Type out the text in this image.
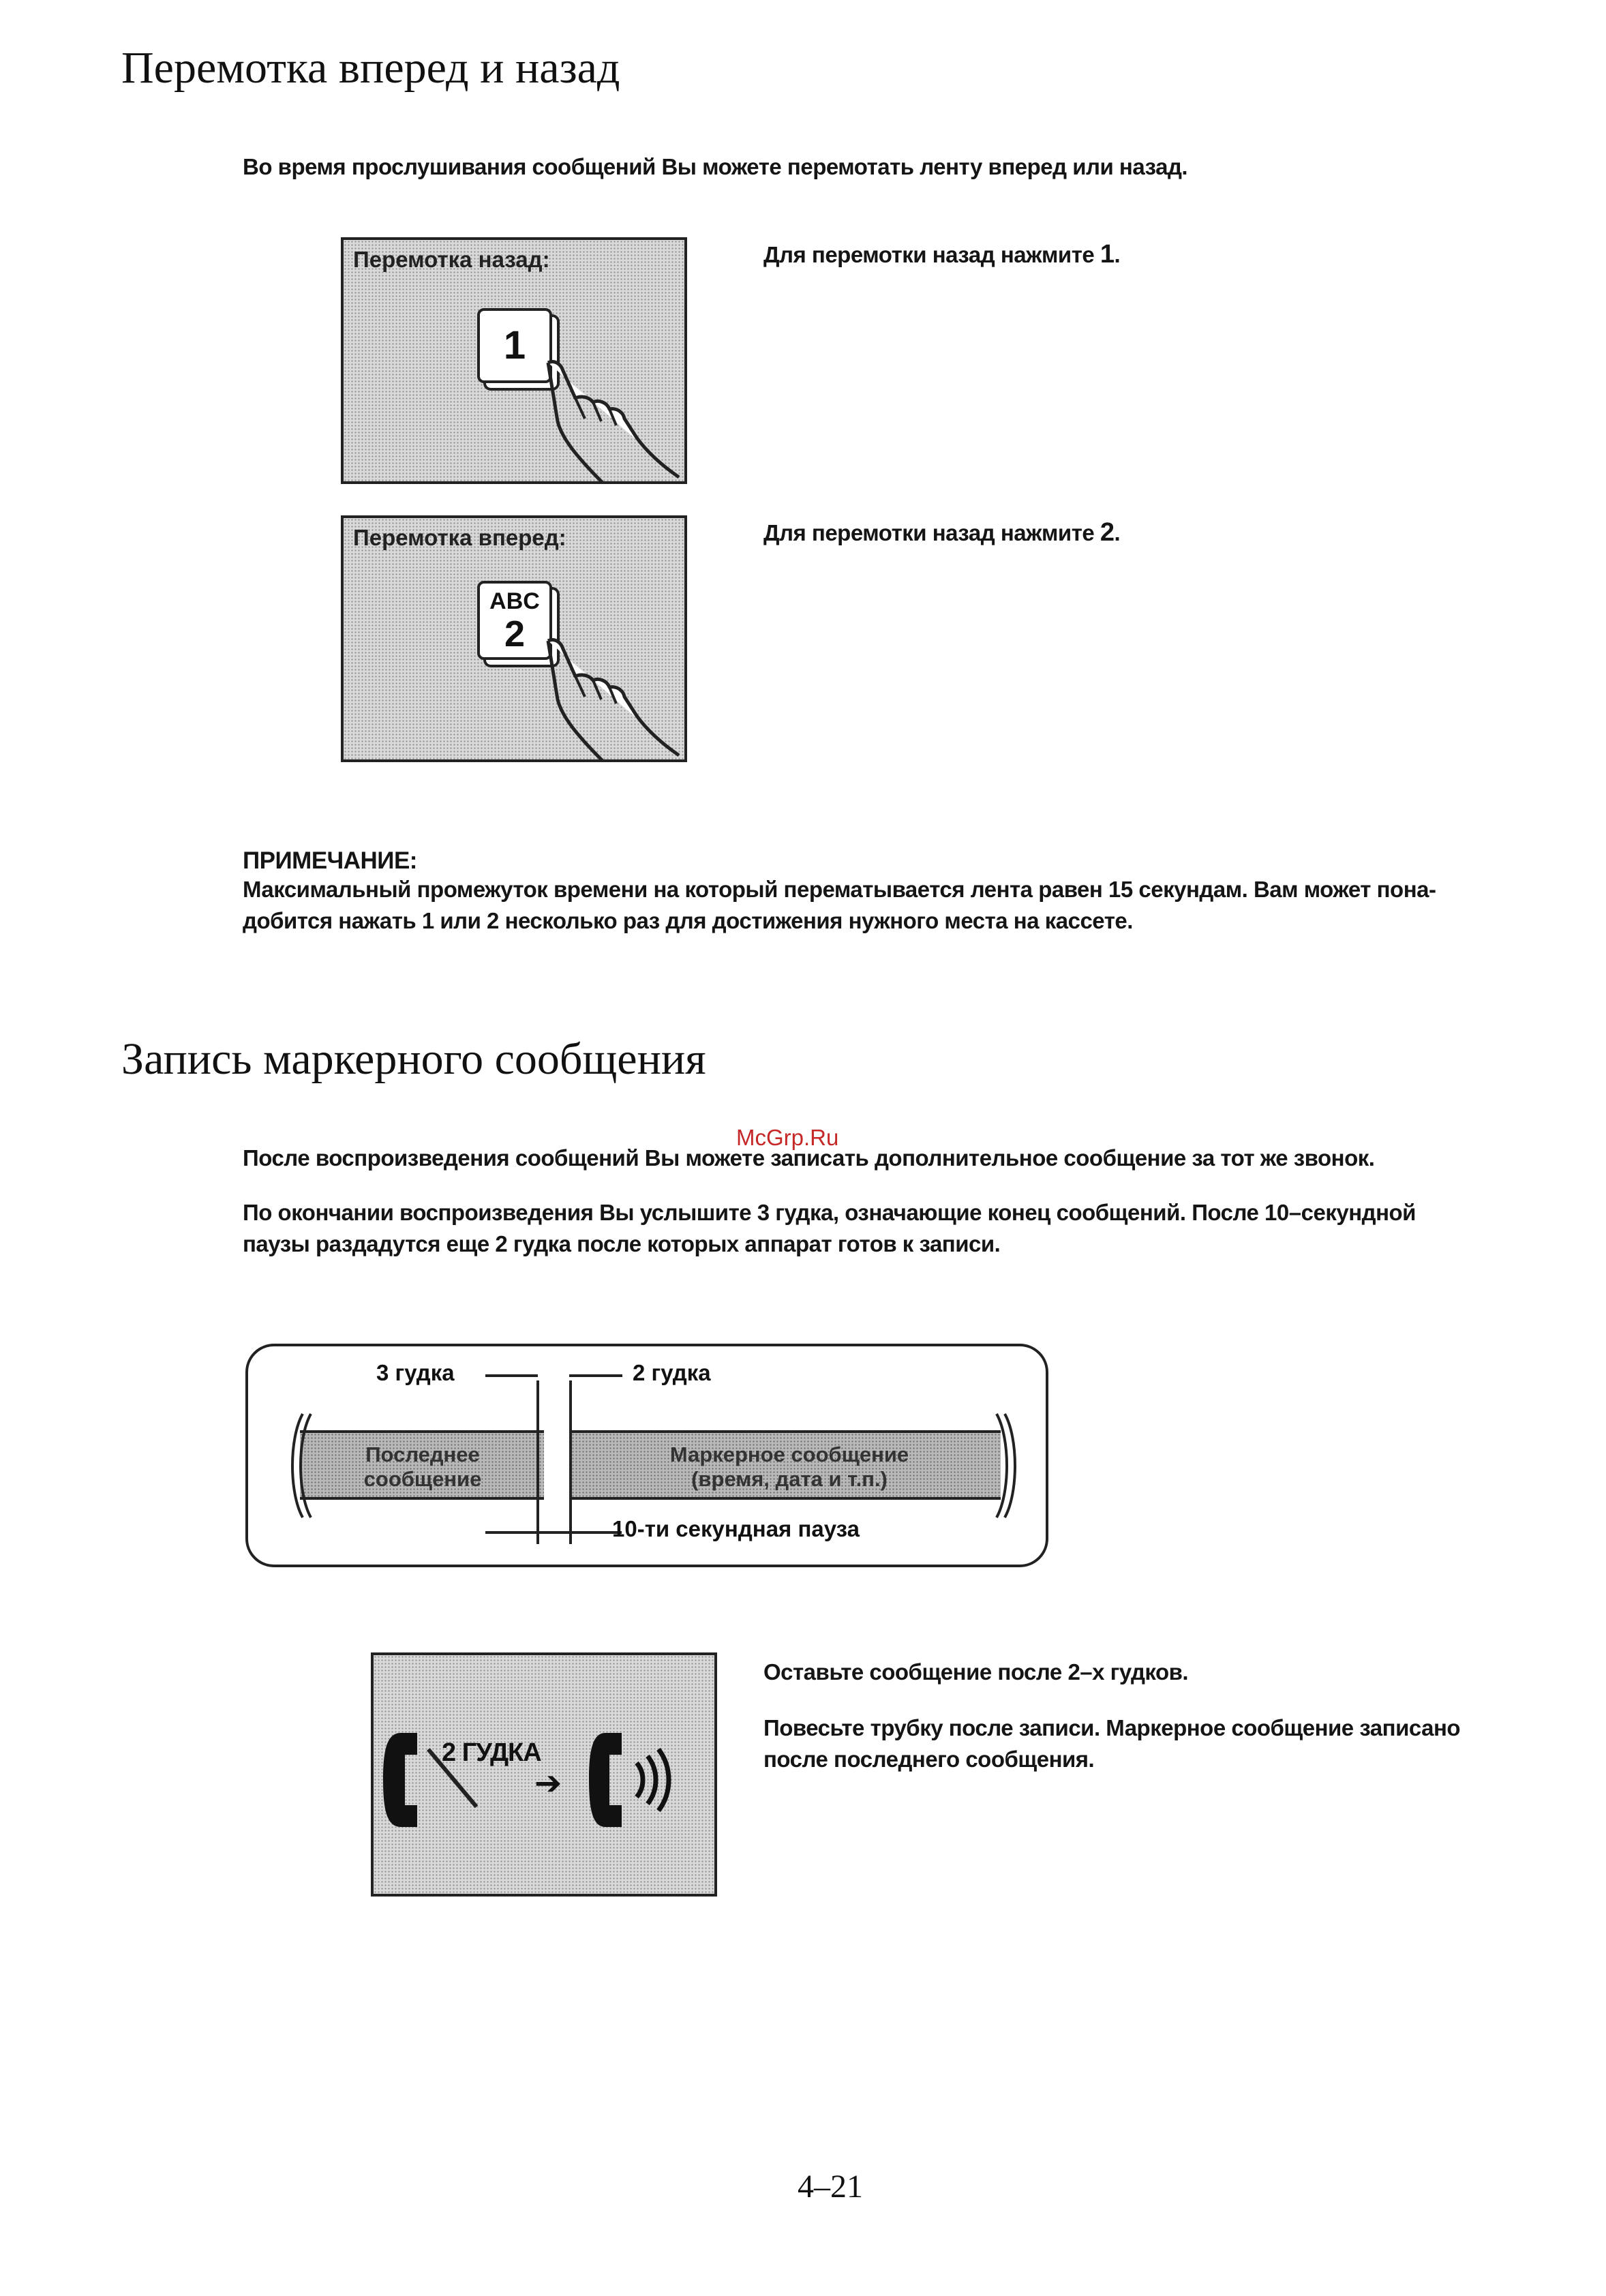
Перемотка вперед и назад
Во время прослушивания сообщений Вы можете перемотать ленту вперед или назад.
Перемотка назад:
1
Для перемотки назад нажмите 1.
Перемотка вперед:
ABC
2
Для перемотки назад нажмите 2.
ПРИМЕЧАНИЕ:
Максимальный промежуток времени на который перематывается лента равен 15 секундам. Вам может пона-
добится нажать 1 или 2 несколько раз для достижения нужного места на кассете.
Запись маркерного сообщения
McGrp.Ru
После воспроизведения сообщений Вы можете записать дополнительное сообщение за тот же звонок.
По окончании воспроизведения Вы услышите 3 гудка, означающие конец сообщений. После 10–секундной
паузы раздадутся еще 2 гудка после которых аппарат готов к записи.
Последнее
сообщение
Маркерное сообщение
(время, дата и т.п.)
3 гудка	2 гудка
10-ти секундная пауза
2 ГУДКА
➔
Оставьте сообщение после 2–х гудков.
Повесьте трубку после записи. Маркерное сообщение записано
после последнего сообщения.
4–21
